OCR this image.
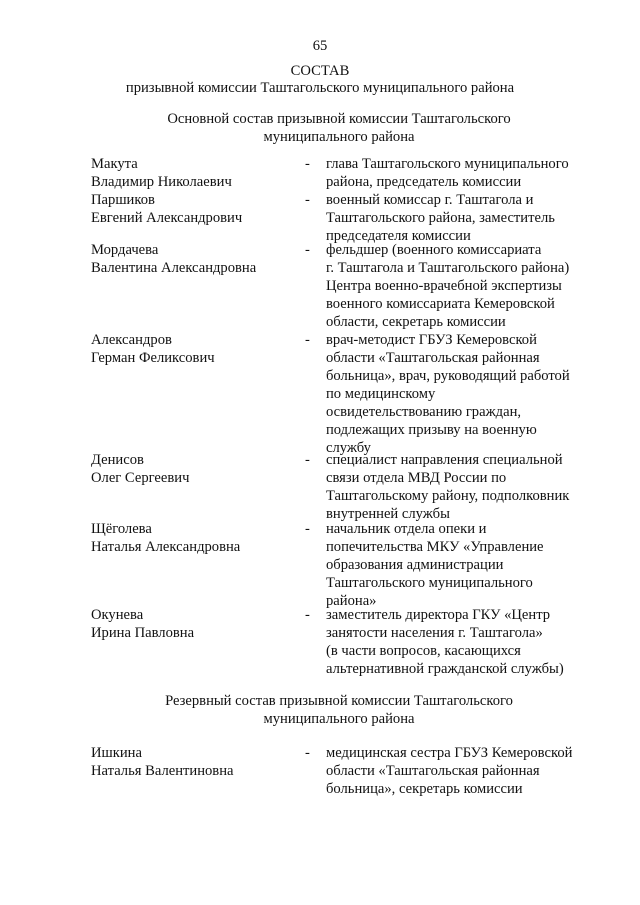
65
СОСТАВ
призывной комиссии Таштагольского муниципального района
Основной состав призывной комиссии Таштагольского
муниципального района
Макута
Владимир Николаевич
- глава Таштагольского муниципального
района, председатель комиссии
Паршиков
Евгений Александрович
- военный комиссар г. Таштагола и
Таштагольского района, заместитель
председателя комиссии
Мордачева
Валентина Александровна
- фельдшер (военного комиссариата
г. Таштагола и Таштагольского района)
Центра военно-врачебной экспертизы
военного комиссариата Кемеровской
области, секретарь комиссии
Александров
Герман Феликсович
- врач-методист ГБУЗ Кемеровской
области «Таштагольская районная
больница», врач, руководящий работой
по медицинскому
освидетельствованию граждан,
подлежащих призыву на военную
службу
Денисов
Олег Сергеевич
- специалист направления специальной
связи отдела МВД России по
Таштагольскому району, подполковник
внутренней службы
Щёголева
Наталья Александровна
- начальник отдела опеки и
попечительства МКУ «Управление
образования администрации
Таштагольского муниципального
района»
Окунева
Ирина Павловна
- заместитель директора ГКУ «Центр
занятости населения г. Таштагола»
(в части вопросов, касающихся
альтернативной гражданской службы)
Резервный состав призывной комиссии Таштагольского
муниципального района
Ишкина
Наталья Валентиновна
- медицинская сестра ГБУЗ Кемеровской
области «Таштагольская районная
больница», секретарь комиссии
